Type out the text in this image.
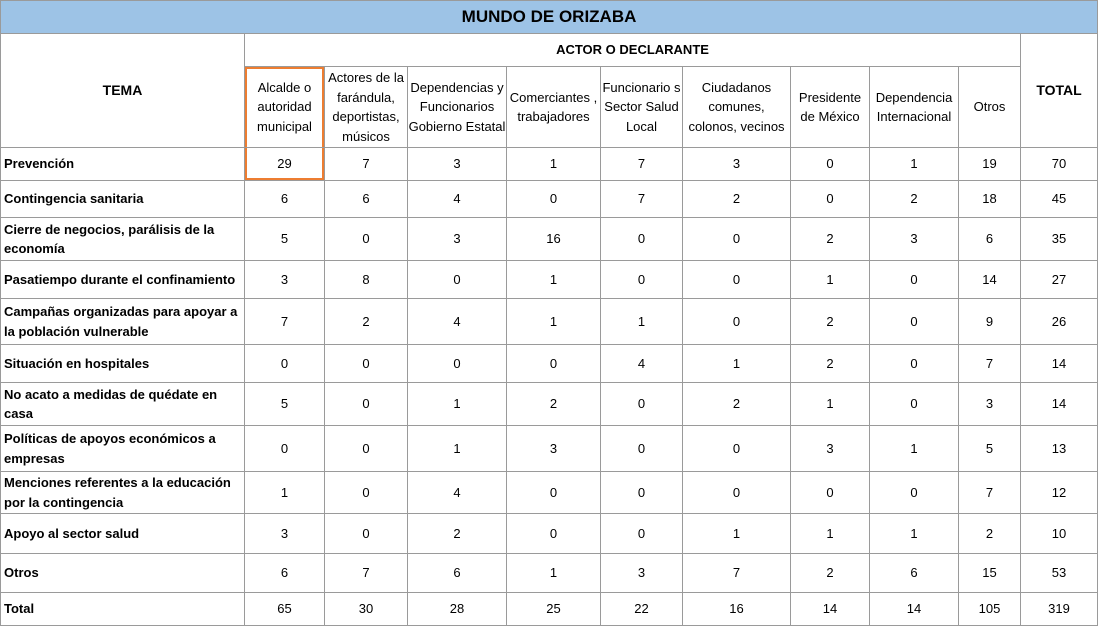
MUNDO DE ORIZABA										
TEMA	ACTOR O DECLARANTE									TOTAL
	Alcalde o autoridad municipal	Actores de la farándula, deportistas, músicos	Dependencias y Funcionarios Gobierno Estatal	Comerciantes , trabajadores	Funcionario s Sector Salud Local	Ciudadanos comunes, colonos, vecinos	Presidente de México	Dependencia Internacional	Otros	
Prevención	29	7	3	1	7	3	0	1	19	70
Contingencia sanitaria	6	6	4	0	7	2	0	2	18	45
Cierre de negocios, parálisis de la economía	5	0	3	16	0	0	2	3	6	35
Pasatiempo durante el confinamiento	3	8	0	1	0	0	1	0	14	27
Campañas organizadas para apoyar a la población vulnerable	7	2	4	1	1	0	2	0	9	26
Situación en hospitales	0	0	0	0	4	1	2	0	7	14
No acato a medidas de quédate en casa	5	0	1	2	0	2	1	0	3	14
Políticas de apoyos económicos a empresas	0	0	1	3	0	0	3	1	5	13
Menciones referentes a la educación por la contingencia	1	0	4	0	0	0	0	0	7	12
Apoyo al sector salud	3	0	2	0	0	1	1	1	2	10
Otros	6	7	6	1	3	7	2	6	15	53
Total	65	30	28	25	22	16	14	14	105	319
